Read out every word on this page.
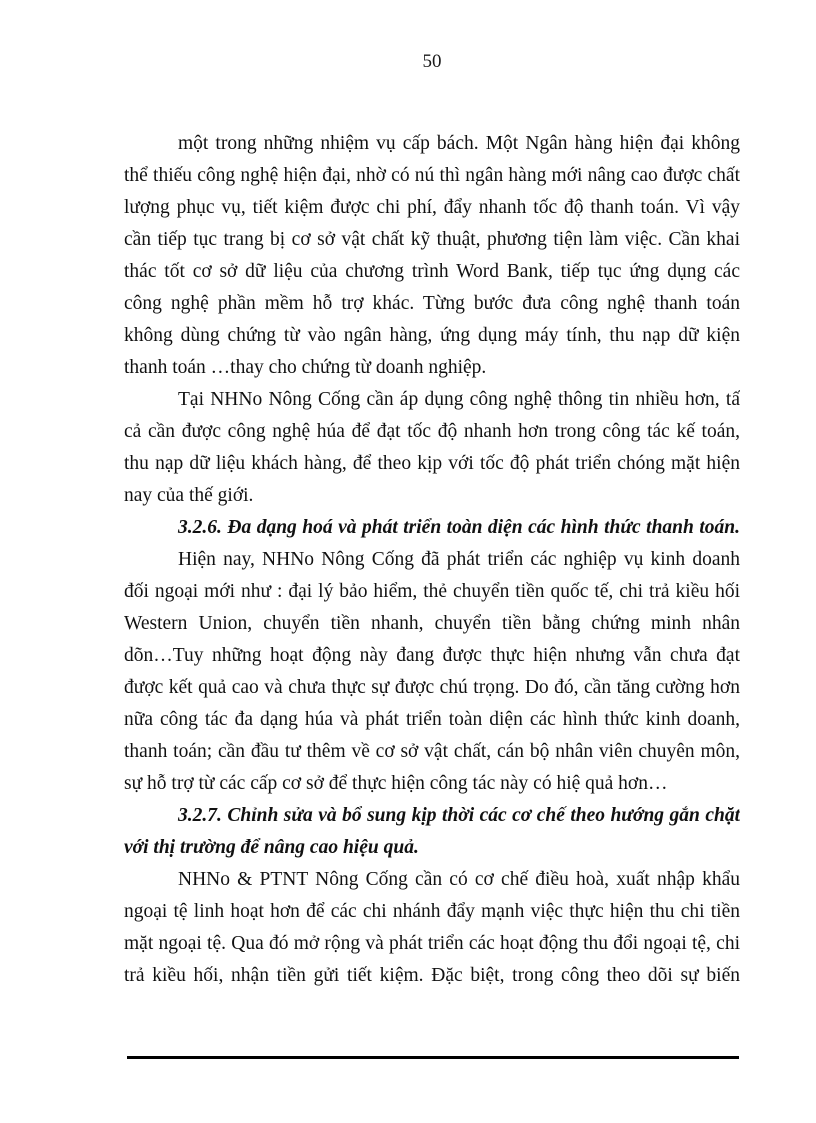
50
một trong những nhiệm vụ cấp bách. Một Ngân hàng hiện đại không
thể thiếu công nghệ hiện đại, nhờ có nú thì ngân hàng mới nâng cao được chất
lượng phục vụ, tiết kiệm được chi phí, đẩy nhanh tốc độ thanh toán. Vì vậy
cần tiếp tục trang bị cơ sở vật chất kỹ thuật, phương tiện làm việc. Cần khai
thác tốt cơ sở dữ liệu của chương trình Word Bank, tiếp tục ứng dụng các
công nghệ phần mềm hỗ trợ khác. Từng bước đưa công nghệ thanh toán
không dùng chứng từ vào ngân hàng, ứng dụng máy tính, thu nạp dữ kiện
thanh toán …thay cho chứng từ doanh nghiệp.
Tại NHNo Nông Cống cần áp dụng công nghệ thông tin nhiều hơn, tấ
cả cần được công nghệ húa để đạt tốc độ nhanh hơn trong công tác kế toán,
thu nạp dữ liệu khách hàng, để theo kịp với tốc độ phát triển chóng mặt hiện
nay của thế giới.
3.2.6. Đa dạng hoá và phát triển toàn diện các hình thức thanh toán.
Hiện nay, NHNo Nông Cống đã phát triển các nghiệp vụ kinh doanh
đối ngoại mới như : đại lý bảo hiểm, thẻ chuyển tiền quốc tế, chi trả kiều hối
Western Union, chuyển tiền nhanh, chuyển tiền bằng chứng minh nhân
dõn…Tuy những hoạt động này đang được thực hiện nhưng vẫn chưa đạt
được kết quả cao và chưa thực sự được chú trọng. Do đó, cần tăng cường hơn
nữa công tác đa dạng húa và phát triển toàn diện các hình thức kinh doanh,
thanh toán; cần đầu tư thêm về cơ sở vật chất, cán bộ nhân viên chuyên môn,
sự hỗ trợ từ các cấp cơ sở để thực hiện công tác này có hiệ quả hơn…
3.2.7. Chỉnh sửa và bổ sung kịp thời các cơ chế theo hướng gắn chặt
với thị trường để nâng cao hiệu quả.
NHNo & PTNT Nông Cống cần có cơ chế điều hoà, xuất nhập khẩu
ngoại tệ linh hoạt hơn để các chi nhánh đẩy mạnh việc thực hiện thu chi tiền
mặt ngoại tệ. Qua đó mở rộng và phát triển các hoạt động thu đổi ngoại tệ, chi
trả kiều hối, nhận tiền gửi tiết kiệm. Đặc biệt, trong công theo dõi sự biến
